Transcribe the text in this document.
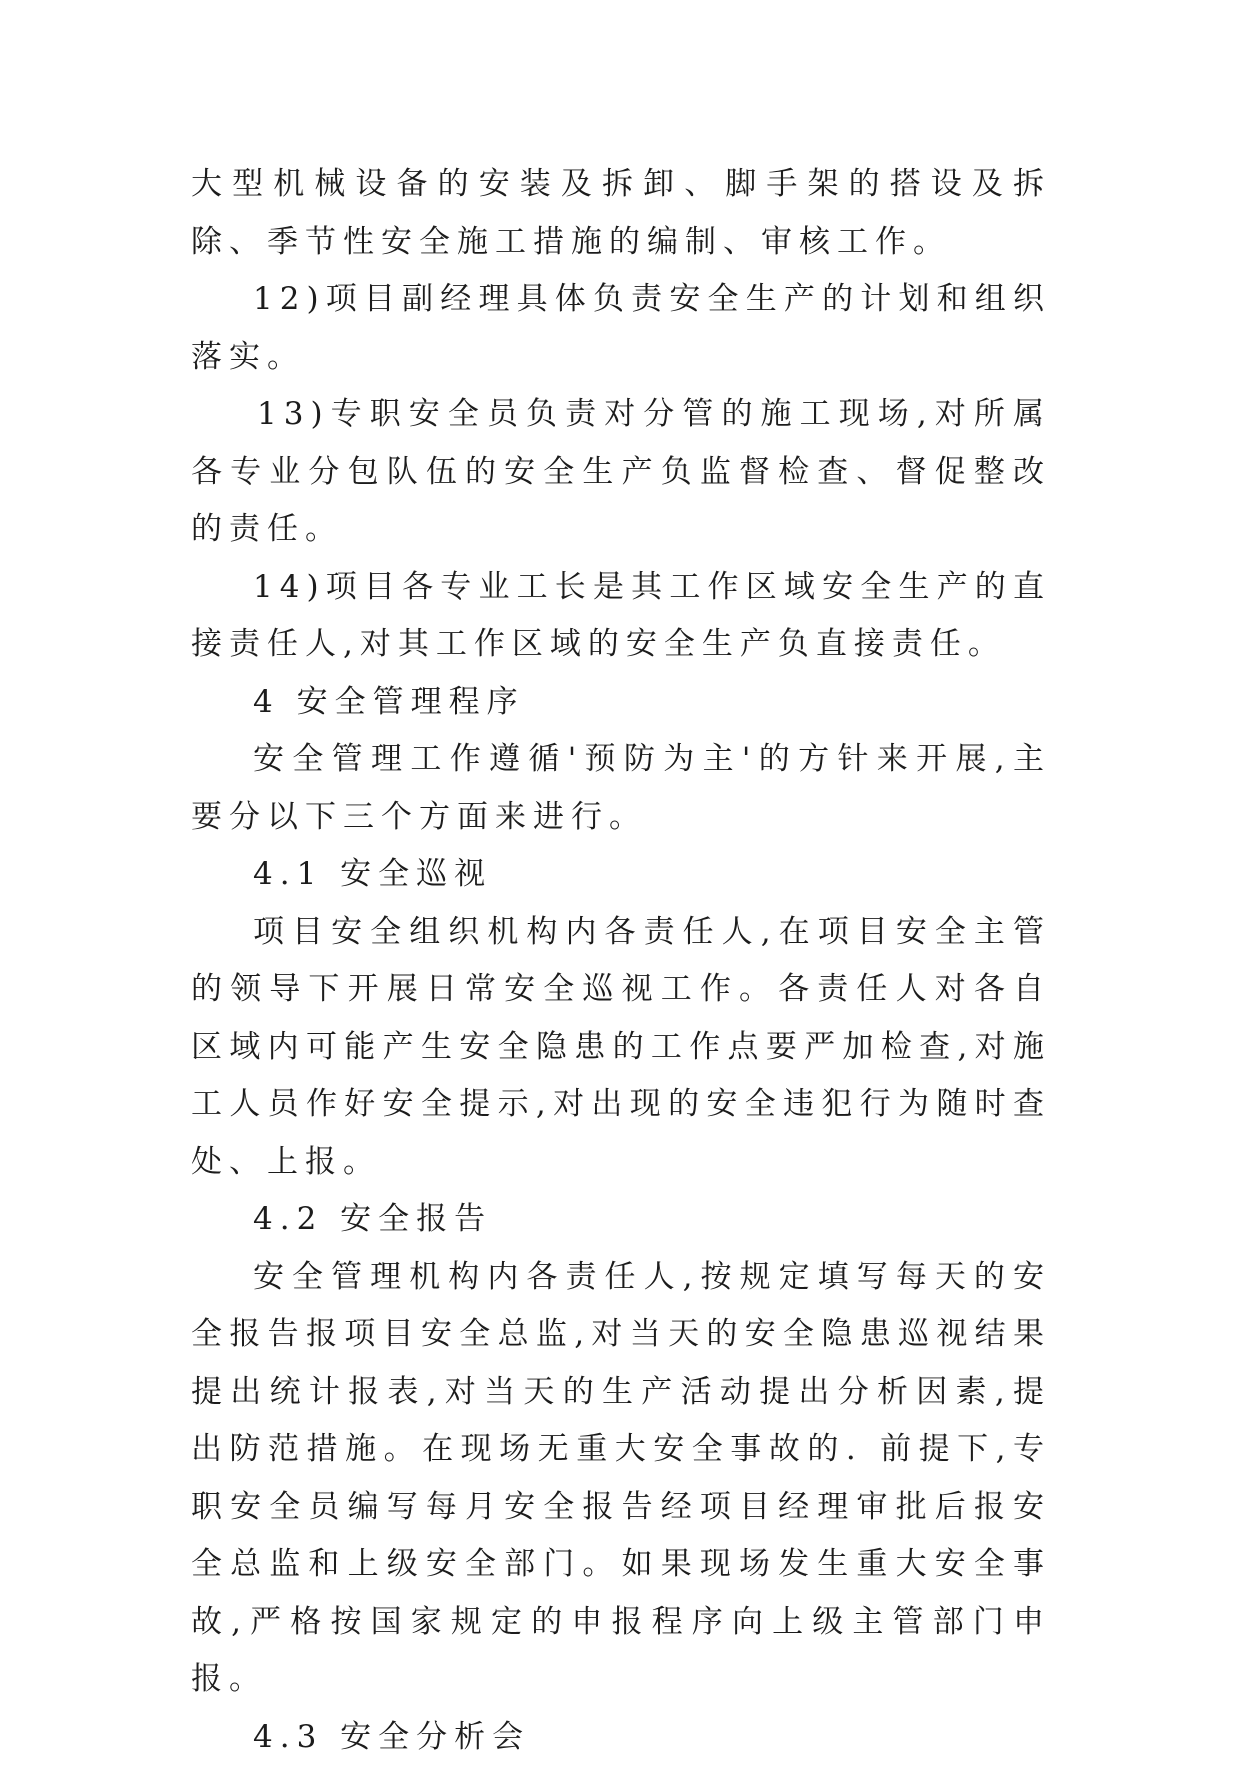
大型机械设备的安装及拆卸、脚手架的搭设及拆除、季节性安全施工措施的编制、审核工作。

12)项目副经理具体负责安全生产的计划和组织落实。

13)专职安全员负责对分管的施工现场,对所属各专业分包队伍的安全生产负监督检查、督促整改的责任。

14)项目各专业工长是其工作区域安全生产的直接责任人,对其工作区域的安全生产负直接责任。

4 安全管理程序

安全管理工作遵循'预防为主'的方针来开展,主要分以下三个方面来进行。

4.1 安全巡视

项目安全组织机构内各责任人,在项目安全主管的领导下开展日常安全巡视工作。各责任人对各自区域内可能产生安全隐患的工作点要严加检查,对施工人员作好安全提示,对出现的安全违犯行为随时查处、上报。

4.2 安全报告

安全管理机构内各责任人,按规定填写每天的安全报告报项目安全总监,对当天的安全隐患巡视结果提出统计报表,对当天的生产活动提出分析因素,提出防范措施。在现场无重大安全事故的. 前提下,专职安全员编写每月安全报告经项目经理审批后报安全总监和上级安全部门。如果现场发生重大安全事故,严格按国家规定的申报程序向上级主管部门申报。

4.3 安全分析会
